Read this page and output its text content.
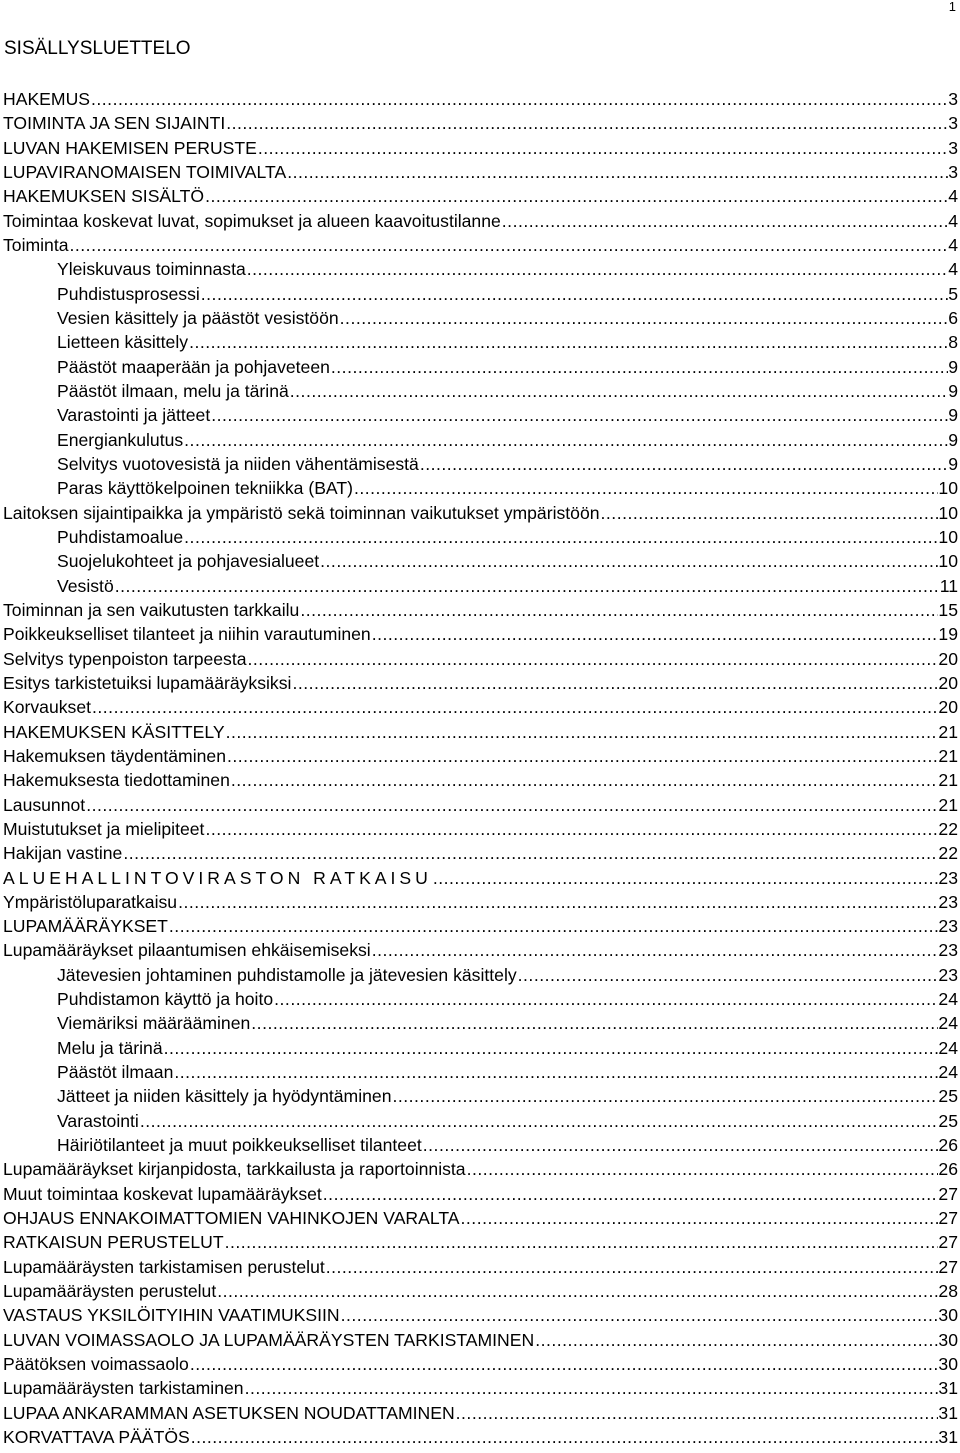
1
SISÄLLYSLUETTELO
HAKEMUS .....	3
TOIMINTA JA SEN SIJAINTI .....	3
LUVAN HAKEMISEN PERUSTE .....	3
LUPAVIRANOMAISEN TOIMIVALTA .....	3
HAKEMUKSEN SISÄLTÖ .....	4
Toimintaa koskevat luvat, sopimukset ja alueen kaavoitustilanne .....	4
Toiminta .....	4
Yleiskuvaus toiminnasta .....	4
Puhdistusprosessi .....	5
Vesien käsittely ja päästöt vesistöön .....	6
Lietteen käsittely .....	8
Päästöt maaperään ja pohjaveteen .....	9
Päästöt ilmaan, melu ja tärinä .....	9
Varastointi ja jätteet .....	9
Energiankulutus .....	9
Selvitys vuotovesistä ja niiden vähentämisestä .....	9
Paras käyttökelpoinen tekniikka (BAT) .....	10
Laitoksen sijaintipaikka ja ympäristö sekä toiminnan vaikutukset ympäristöön .....	10
Puhdistamoalue .....	10
Suojelukohteet ja pohjavesialueet .....	10
Vesistö .....	11
Toiminnan ja sen vaikutusten tarkkailu .....	15
Poikkeukselliset tilanteet ja niihin varautuminen .....	19
Selvitys typenpoiston tarpeesta .....	20
Esitys tarkistetuiksi lupamääräyksiksi .....	20
Korvaukset .....	20
HAKEMUKSEN KÄSITTELY .....	21
Hakemuksen täydentäminen .....	21
Hakemuksesta tiedottaminen .....	21
Lausunnot .....	21
Muistutukset ja mielipiteet .....	22
Hakijan vastine .....	22
ALUEHALLINTOVIRASTON RATKAISU .....	23
Ympäristöluparatkaisu .....	23
LUPAMÄÄRÄYKSET .....	23
Lupamääräykset pilaantumisen ehkäisemiseksi .....	23
Jätevesien johtaminen puhdistamolle ja jätevesien käsittely .....	23
Puhdistamon käyttö ja hoito .....	24
Viemäriksi määrääminen .....	24
Melu ja tärinä .....	24
Päästöt ilmaan .....	24
Jätteet ja niiden käsittely ja hyödyntäminen .....	25
Varastointi .....	25
Häiriötilanteet ja muut poikkeukselliset tilanteet .....	26
Lupamääräykset kirjanpidosta, tarkkailusta ja raportoinnista .....	26
Muut toimintaa koskevat lupamääräykset .....	27
OHJAUS ENNAKOIMATTOMIEN VAHINKOJEN VARALTA .....	27
RATKAISUN PERUSTELUT .....	27
Lupamääräysten tarkistamisen perustelut .....	27
Lupamääräysten perustelut .....	28
VASTAUS YKSILÖITYIHIN VAATIMUKSIIN .....	30
LUVAN VOIMASSAOLO JA LUPAMÄÄRÄYSTEN TARKISTAMINEN .....	30
Päätöksen voimassaolo .....	30
Lupamääräysten tarkistaminen .....	31
LUPAA ANKARAMMAN ASETUKSEN NOUDATTAMINEN .....	31
KORVATTAVA PÄÄTÖS .....	31
